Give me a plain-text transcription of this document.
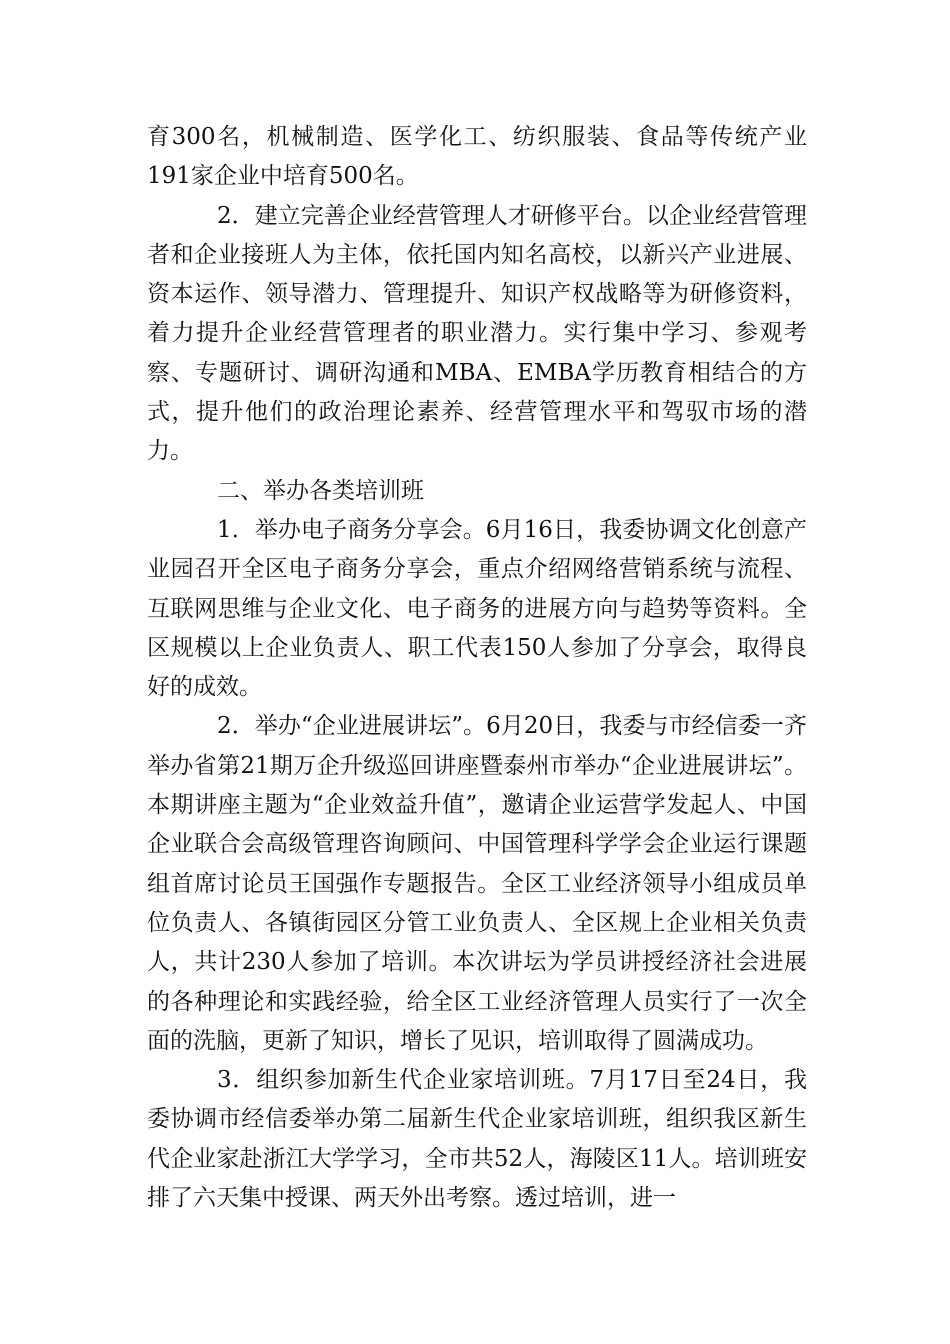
育300名，机械制造、医学化工、纺织服装、食品等传统产业191家企业中培育500名。

2．建立完善企业经营管理人才研修平台。以企业经营管理者和企业接班人为主体，依托国内知名高校，以新兴产业进展、资本运作、领导潜力、管理提升、知识产权战略等为研修资料，着力提升企业经营管理者的职业潜力。实行集中学习、参观考察、专题研讨、调研沟通和MBA、EMBA学历教育相结合的方式，提升他们的政治理论素养、经营管理水平和驾驭市场的潜力。

二、举办各类培训班

1．举办电子商务分享会。6月16日，我委协调文化创意产业园召开全区电子商务分享会，重点介绍网络营销系统与流程、互联网思维与企业文化、电子商务的进展方向与趋势等资料。全区规模以上企业负责人、职工代表150人参加了分享会，取得良好的成效。

2．举办“企业进展讲坛”。6月20日，我委与市经信委一齐举办省第21期万企升级巡回讲座暨泰州市举办“企业进展讲坛”。本期讲座主题为“企业效益升值”，邀请企业运营学发起人、中国企业联合会高级管理咨询顾问、中国管理科学学会企业运行课题组首席讨论员王国强作专题报告。全区工业经济领导小组成员单位负责人、各镇街园区分管工业负责人、全区规上企业相关负责人，共计230人参加了培训。本次讲坛为学员讲授经济社会进展的各种理论和实践经验，给全区工业经济管理人员实行了一次全面的洗脑，更新了知识，增长了见识，培训取得了圆满成功。

3．组织参加新生代企业家培训班。7月17日至24日，我委协调市经信委举办第二届新生代企业家培训班，组织我区新生代企业家赴浙江大学学习，全市共52人，海陵区11人。培训班安排了六天集中授课、两天外出考察。透过培训，进一
